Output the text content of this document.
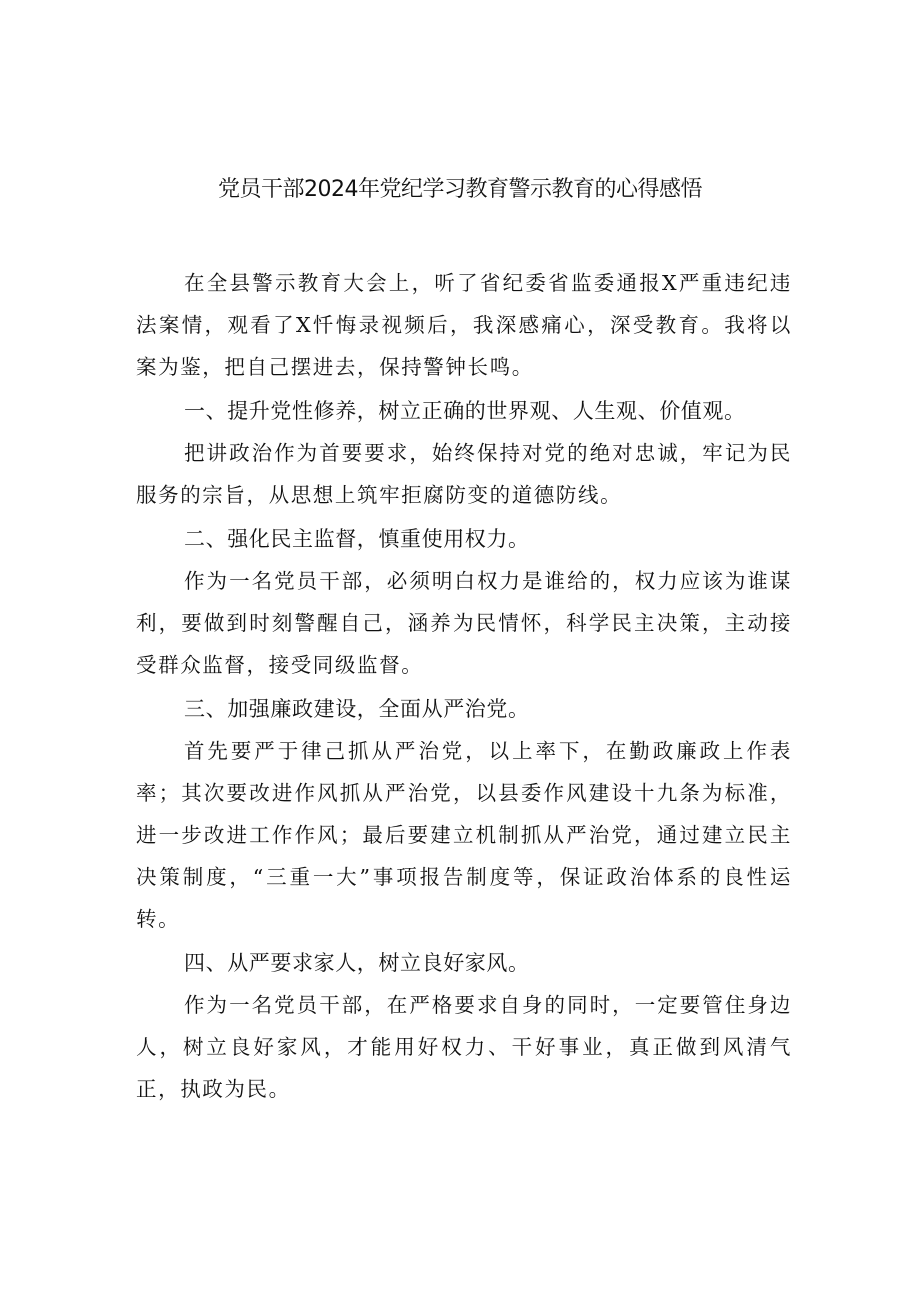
党员干部2024年党纪学习教育警示教育的心得感悟

在全县警示教育大会上，听了省纪委省监委通报X严重违纪违法案情，观看了X忏悔录视频后，我深感痛心，深受教育。我将以案为鉴，把自己摆进去，保持警钟长鸣。

一、提升党性修养，树立正确的世界观、人生观、价值观。

把讲政治作为首要要求，始终保持对党的绝对忠诚，牢记为民服务的宗旨，从思想上筑牢拒腐防变的道德防线。

二、强化民主监督，慎重使用权力。

作为一名党员干部，必须明白权力是谁给的，权力应该为谁谋利，要做到时刻警醒自己，涵养为民情怀，科学民主决策，主动接受群众监督，接受同级监督。

三、加强廉政建设，全面从严治党。

首先要严于律己抓从严治党，以上率下，在勤政廉政上作表率；其次要改进作风抓从严治党，以县委作风建设十九条为标准，进一步改进工作作风；最后要建立机制抓从严治党，通过建立民主决策制度，“三重一大”事项报告制度等，保证政治体系的良性运转。

四、从严要求家人，树立良好家风。

作为一名党员干部，在严格要求自身的同时，一定要管住身边人，树立良好家风，才能用好权力、干好事业，真正做到风清气正，执政为民。
